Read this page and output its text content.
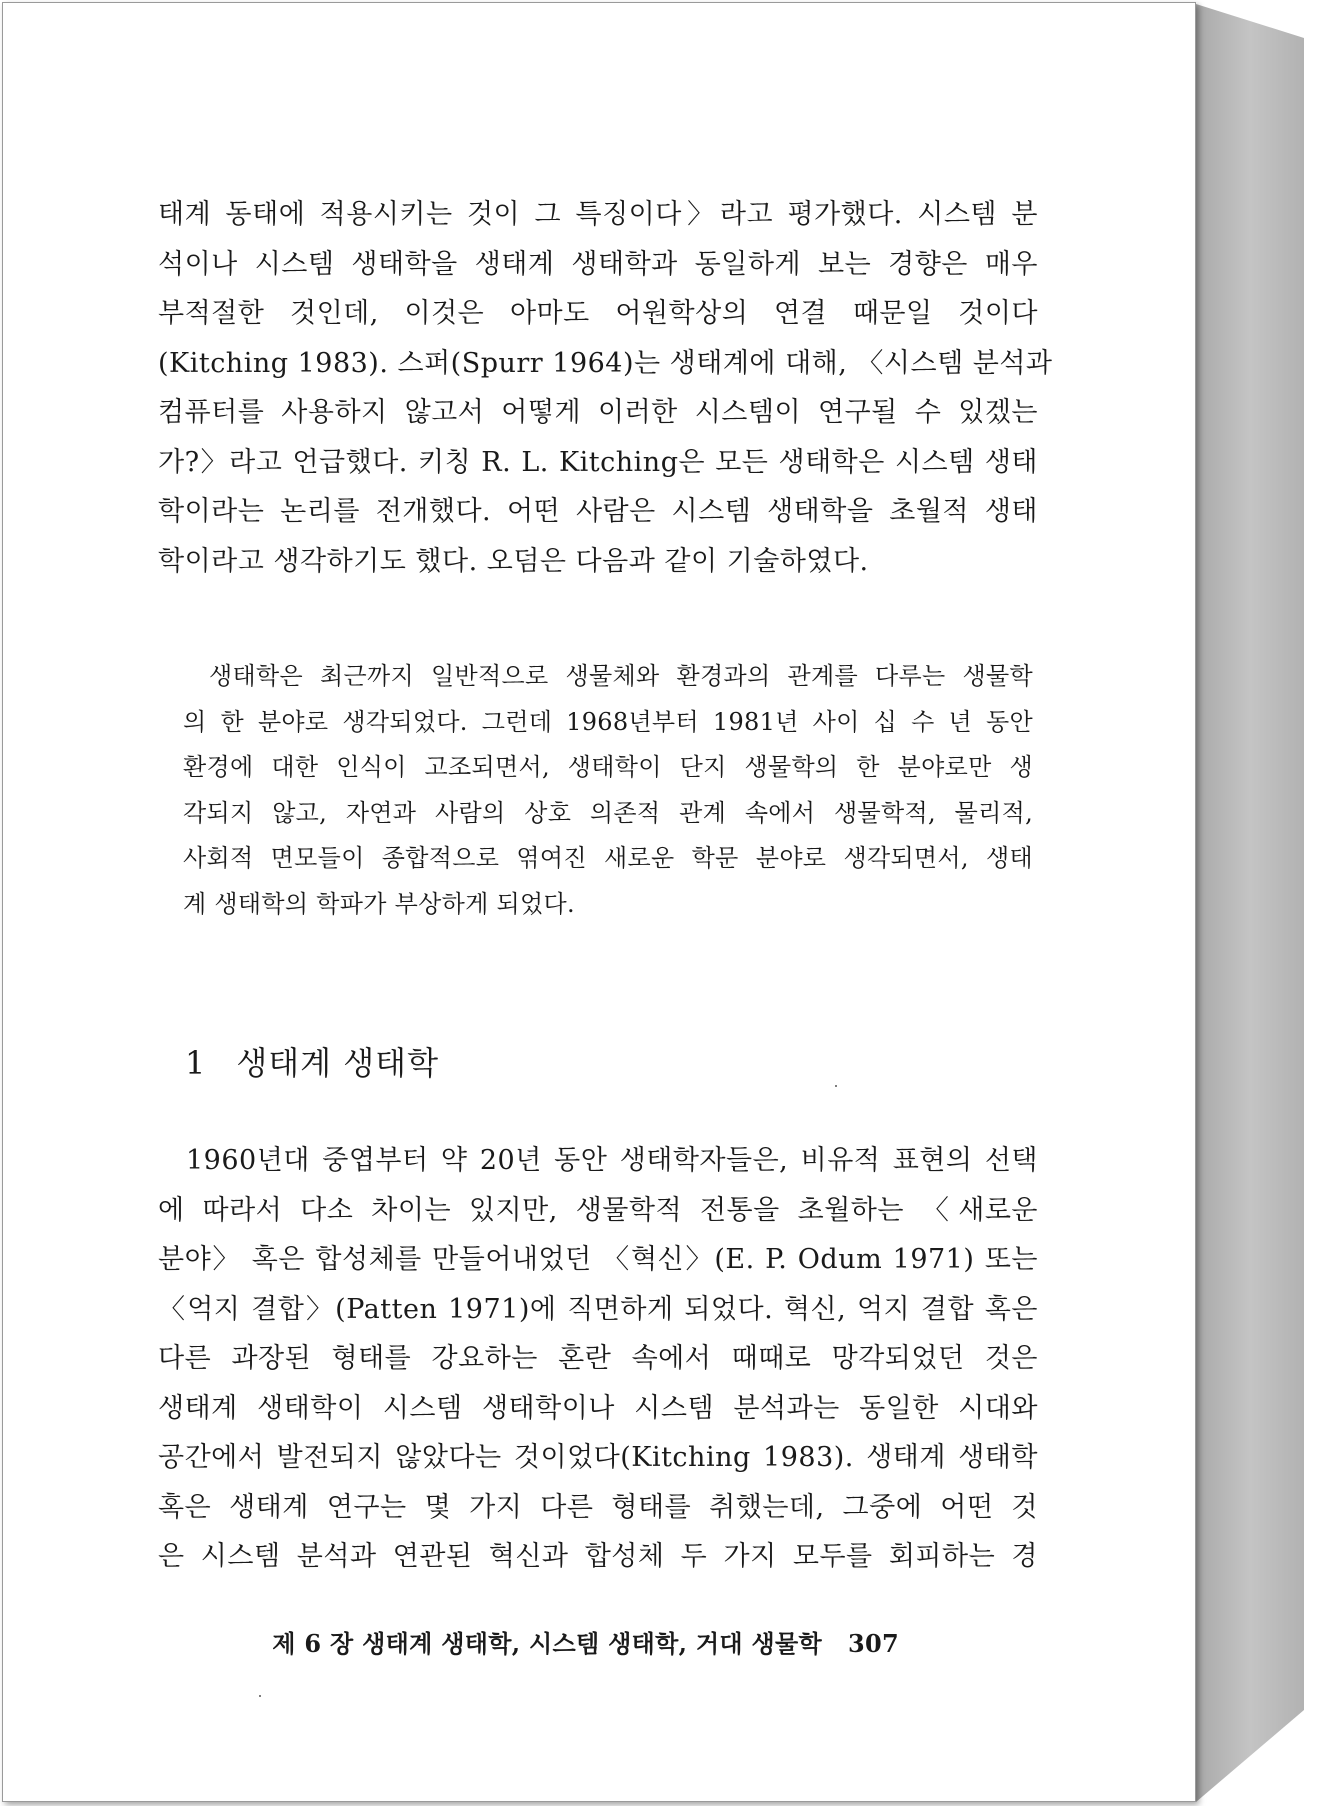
태계 동태에 적용시키는 것이 그 특징이다〉라고 평가했다. 시스템 분
석이나 시스템 생태학을 생태계 생태학과 동일하게 보는 경향은 매우
부적절한 것인데, 이것은 아마도 어원학상의 연결 때문일 것이다
(Kitching 1983). 스퍼(Spurr 1964)는 생태계에 대해, 〈시스템 분석과
컴퓨터를 사용하지 않고서 어떻게 이러한 시스템이 연구될 수 있겠는
가?〉라고 언급했다. 키칭 R. L. Kitching은 모든 생태학은 시스템 생태
학이라는 논리를 전개했다. 어떤 사람은 시스템 생태학을 초월적 생태
학이라고 생각하기도 했다. 오덤은 다음과 같이 기술하였다.
생태학은 최근까지 일반적으로 생물체와 환경과의 관계를 다루는 생물학
의 한 분야로 생각되었다. 그런데 1968년부터 1981년 사이 십 수 년 동안
환경에 대한 인식이 고조되면서, 생태학이 단지 생물학의 한 분야로만 생
각되지 않고, 자연과 사람의 상호 의존적 관계 속에서 생물학적, 물리적,
사회적 면모들이 종합적으로 엮여진 새로운 학문 분야로 생각되면서, 생태
계 생태학의 학파가 부상하게 되었다.
1 생태계 생태학
1960년대 중엽부터 약 20년 동안 생태학자들은, 비유적 표현의 선택
에 따라서 다소 차이는 있지만, 생물학적 전통을 초월하는 〈새로운
분야〉 혹은 합성체를 만들어내었던 〈혁신〉(E. P. Odum 1971) 또는
〈억지 결합〉(Patten 1971)에 직면하게 되었다. 혁신, 억지 결합 혹은
다른 과장된 형태를 강요하는 혼란 속에서 때때로 망각되었던 것은
생태계 생태학이 시스템 생태학이나 시스템 분석과는 동일한 시대와
공간에서 발전되지 않았다는 것이었다(Kitching 1983). 생태계 생태학
혹은 생태계 연구는 몇 가지 다른 형태를 취했는데, 그중에 어떤 것
은 시스템 분석과 연관된 혁신과 합성체 두 가지 모두를 회피하는 경
제 6 장 생태계 생태학, 시스템 생태학, 거대 생물학 307
